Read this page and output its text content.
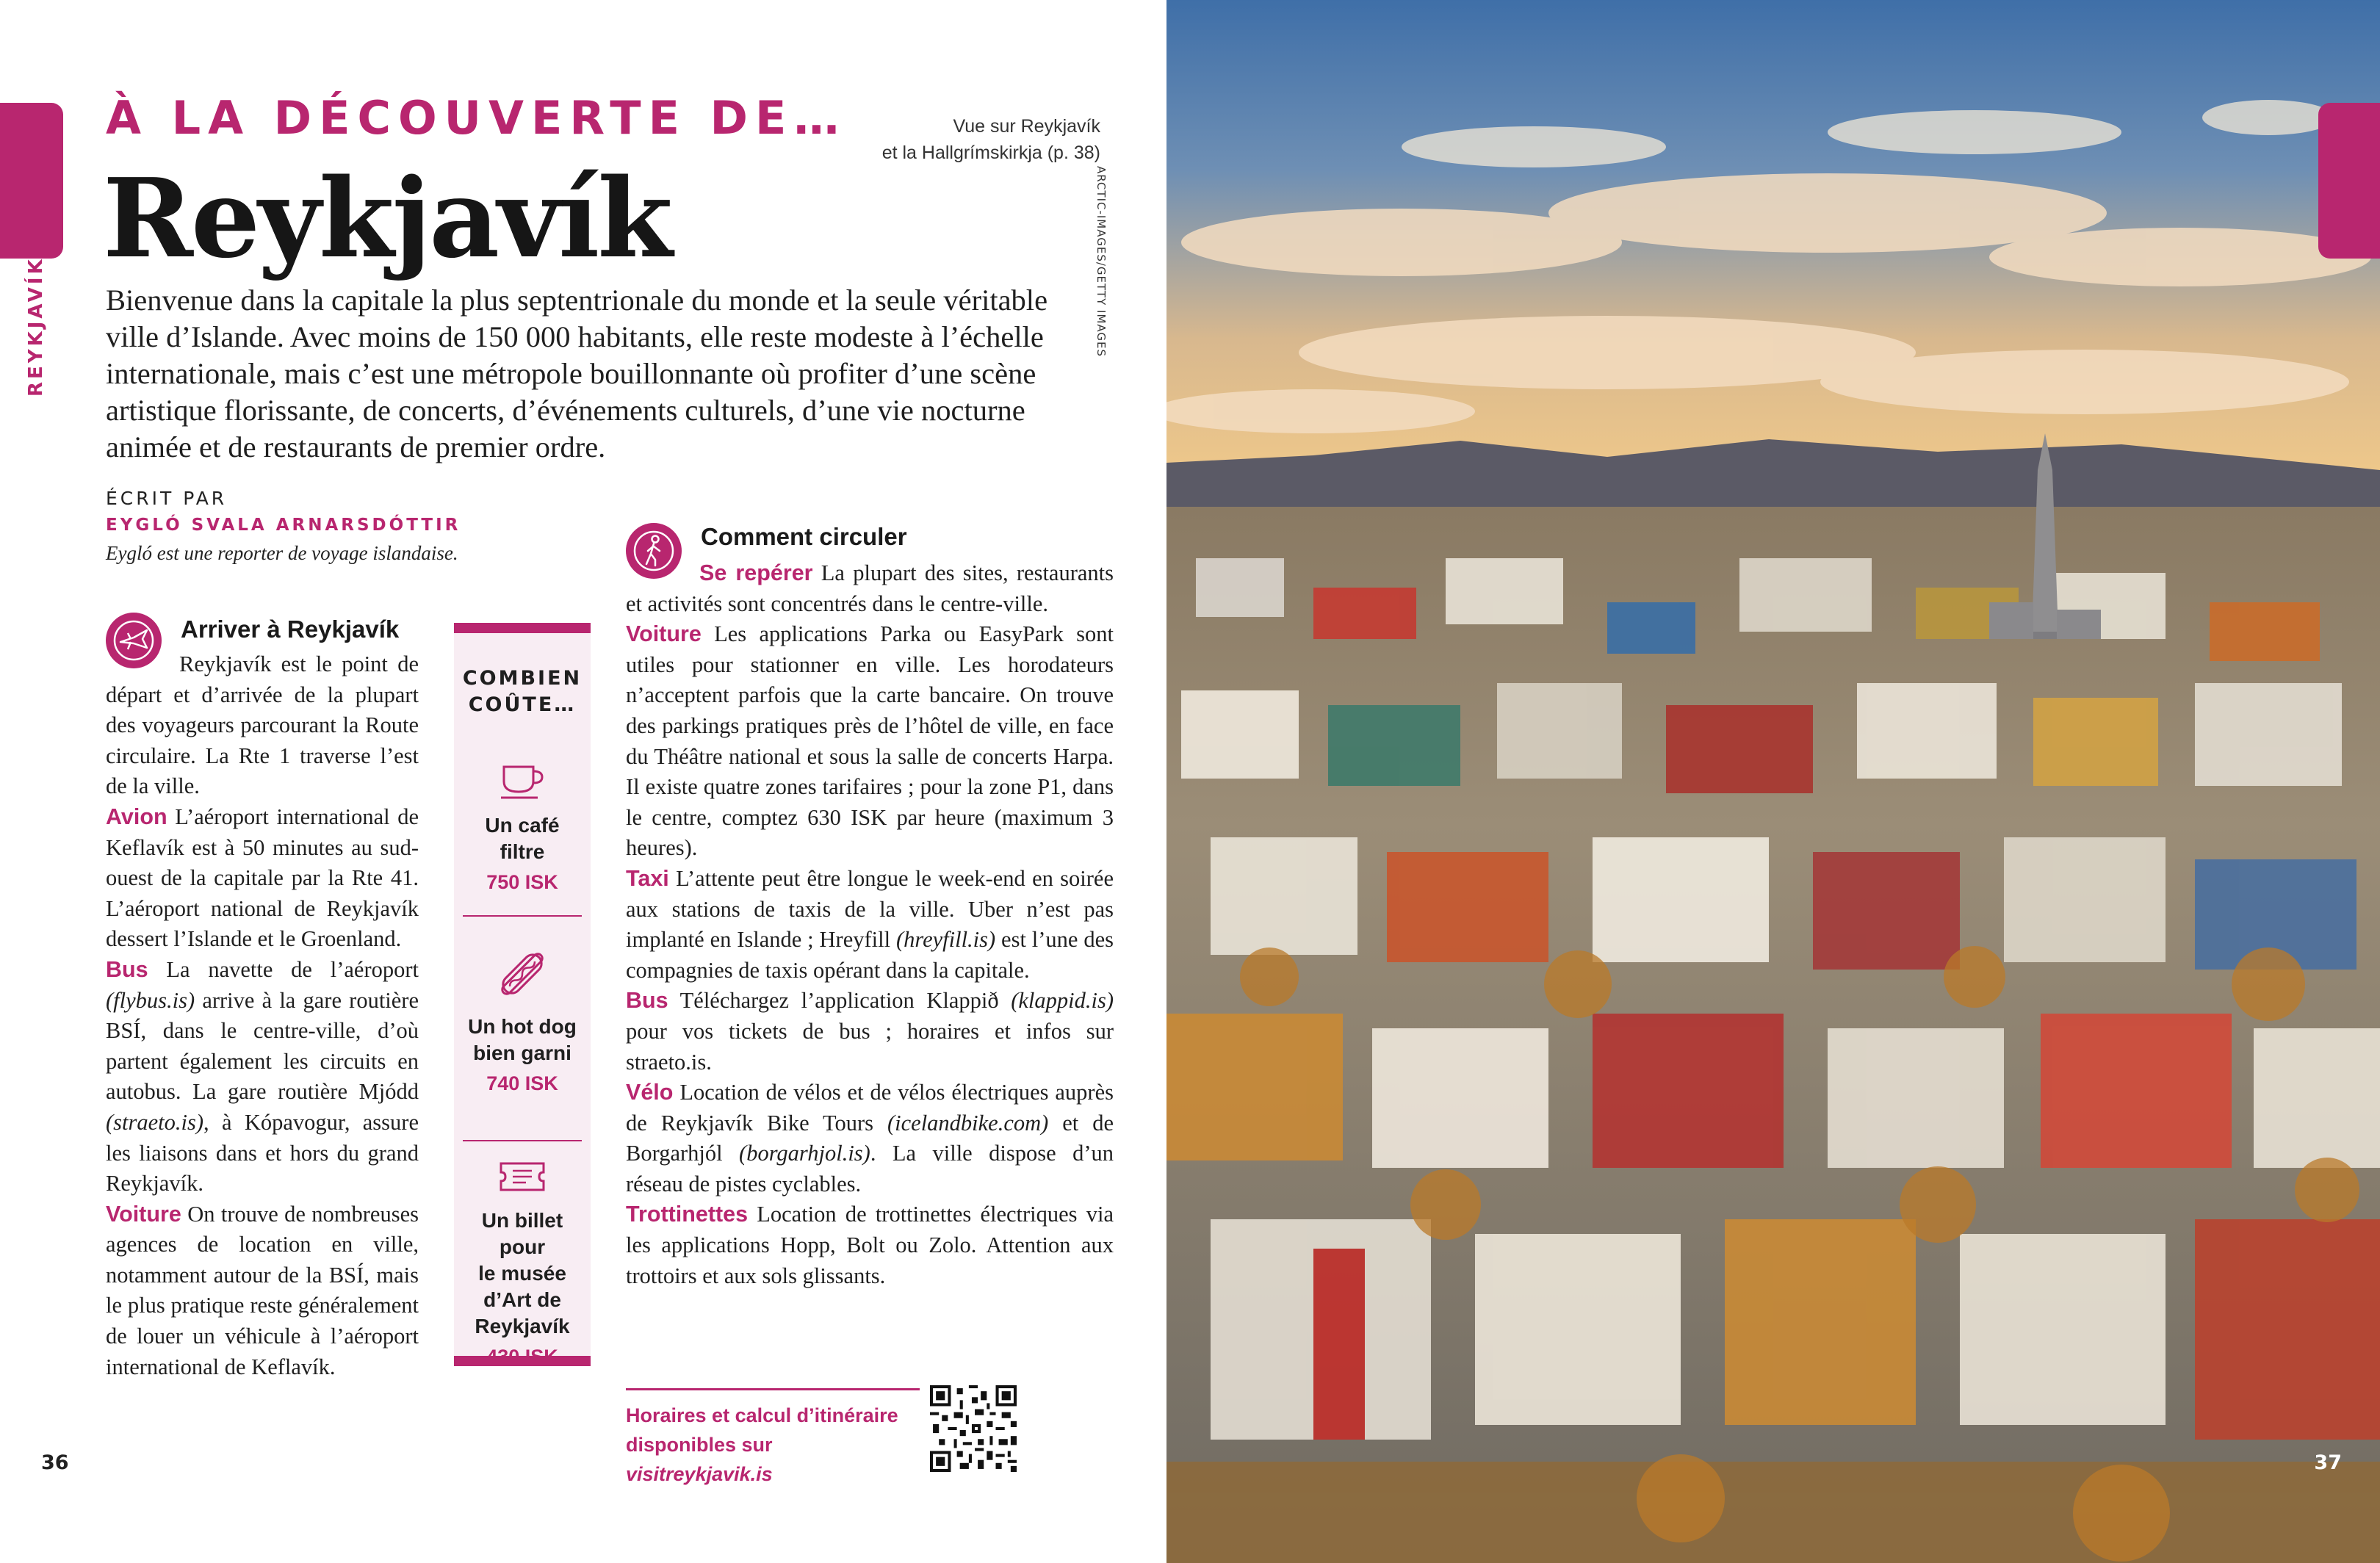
REYKJAVÍK
À LA DÉCOUVERTE DE…
Reykjavík
Vue sur Reykjavík
et la Hallgrímskirkja (p. 38)
ARCTIC-IMAGES/GETTY IMAGES
Bienvenue dans la capitale la plus septentrionale du monde et la seule véritable ville d’Islande. Avec moins de 150 000 habitants, elle reste modeste à l’échelle internationale, mais c’est une métropole bouillonnante où profiter d’une scène artistique florissante, de concerts, d’événements culturels, d’une vie nocturne animée et de restaurants de premier ordre.
ÉCRIT PAR
EYGLÓ SVALA ARNARSDÓTTIR
Eygló est une reporter de voyage islandaise.
Arriver à Reykjavík

Reykjavík est le point de départ et d’arrivée de la plupart des voyageurs parcourant la Route circulaire. La Rte 1 traverse l’est de la ville.

Avion L’aéroport international de Keflavík est à 50 minutes au sud-ouest de la capitale par la Rte 41. L’aéroport national de Reykjavík dessert l’Islande et le Groenland.

Bus La navette de l’aéroport (flybus.is) arrive à la gare routière BSÍ, dans le centre-ville, d’où partent également les circuits en autobus. La gare routière Mjódd (straeto.is), à Kópavogur, assure les liaisons dans et hors du grand Reykjavík.

Voiture On trouve de nombreuses agences de location en ville, notamment autour de la BSÍ, mais le plus pratique reste généralement de louer un véhicule à l’aéroport international de Keflavík.

COMBIEN
COÛTE…
Un café
filtre
750 ISK
Un hot dog
bien garni
740 ISK
Un billet
pour
le musée
d’Art de
Reykjavík
430 ISK
Comment circuler

Se repérer La plupart des sites, restaurants et activités sont concentrés dans le centre-ville.

Voiture Les applications Parka ou EasyPark sont utiles pour stationner en ville. Les horodateurs n’acceptent parfois que la carte bancaire. On trouve des parkings pratiques près de l’hôtel de ville, en face du Théâtre national et sous la salle de concerts Harpa. Il existe quatre zones tarifaires ; pour la zone P1, dans le centre, comptez 630 ISK par heure (maximum 3 heures).

Taxi L’attente peut être longue le week-end en soirée aux stations de taxis de la ville. Uber n’est pas implanté en Islande ; Hreyfill (hreyfill.is) est l’une des compagnies de taxis opérant dans la capitale.

Bus Téléchargez l’application Klappið (klappid.is) pour vos tickets de bus ; horaires et infos sur straeto.is.

Vélo Location de vélos et de vélos électriques auprès de Reykjavík Bike Tours (icelandbike.com) et de Borgarhjól (borgarhjol.is). La ville dispose d’un réseau de pistes cyclables.

Trottinettes Location de trottinettes électriques via les applications Hopp, Bolt ou Zolo. Attention aux trottoirs et aux sols glissants.

Horaires et calcul d’itinéraire
disponibles sur visitreykjavik.is
36	37
